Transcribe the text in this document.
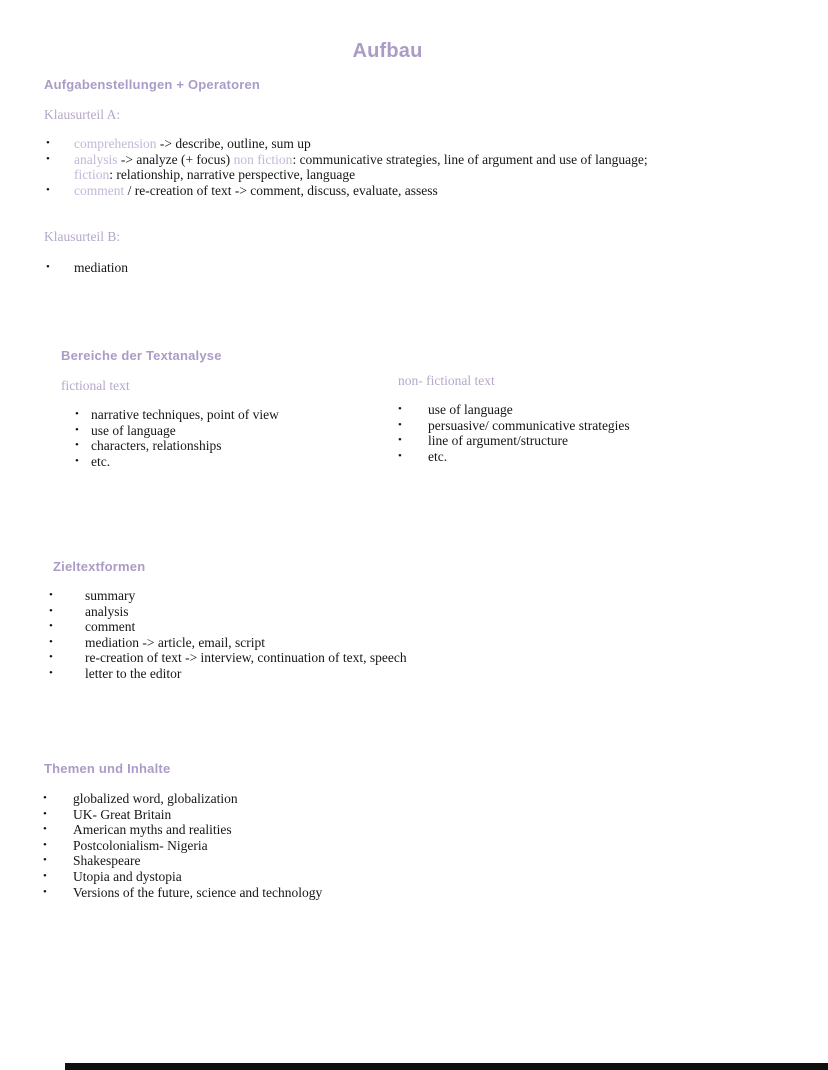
Aufbau
Aufgabenstellungen + Operatoren
Klausurteil A:
• comprehension -> describe, outline, sum up
• analysis -> analyze (+ focus) non fiction: communicative strategies, line of argument and use of language; fiction: relationship, narrative perspective, language
• comment / re-creation of text -> comment, discuss, evaluate, assess
Klausurteil B:
• mediation
Bereiche der Textanalyse
fictional text
• narrative techniques, point of view
• use of language
• characters, relationships
• etc.
non- fictional text
• use of language
• persuasive/ communicative strategies
• line of argument/structure
• etc.
Zieltextformen
• summary
• analysis
• comment
• mediation -> article, email, script
• re-creation of text -> interview, continuation of text, speech
• letter to the editor
Themen und Inhalte
• globalized word, globalization
• UK- Great Britain
• American myths and realities
• Postcolonialism- Nigeria
• Shakespeare
• Utopia and dystopia
• Versions of the future, science and technology
